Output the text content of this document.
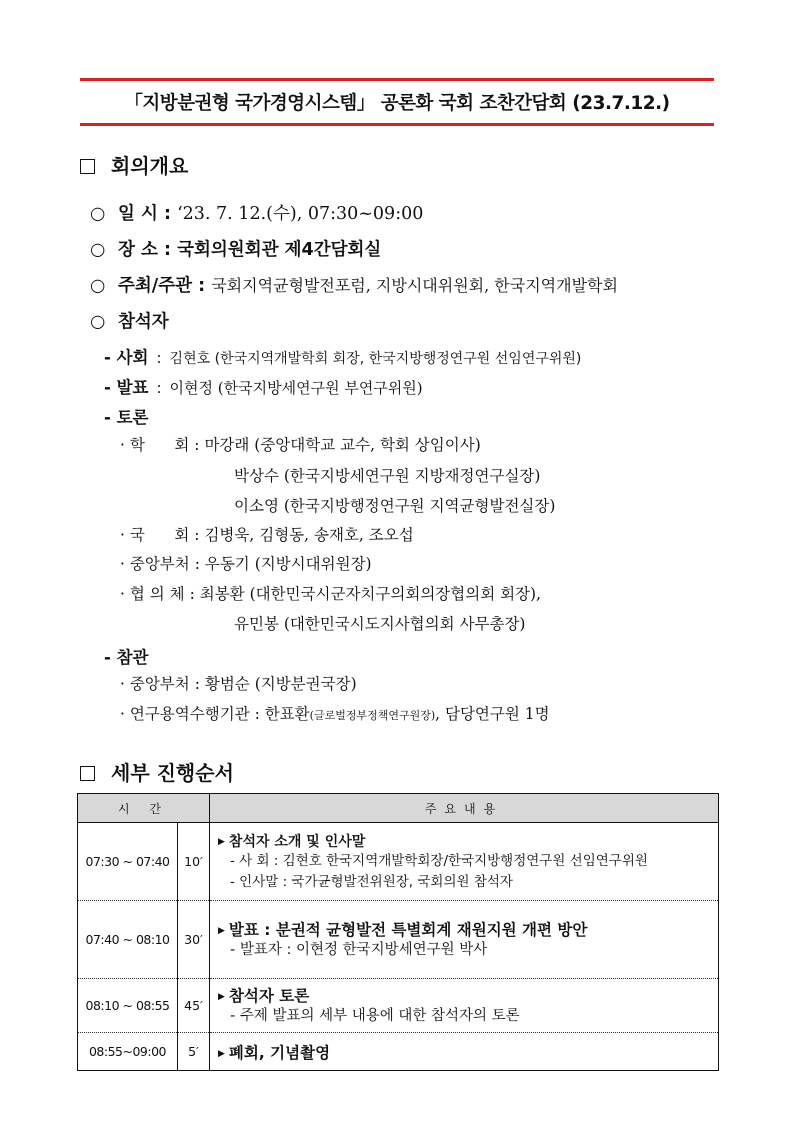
「지방분권형 국가경영시스템」 공론화 국회 조찬간담회 (23.7.12.)
회의개요
○ 일 시 : ‘23. 7. 12.(수), 07:30~09:00
○ 장 소 : 국회의원회관 제4간담회실
○ 주최/주관 : 국회지역균형발전포럼, 지방시대위원회, 한국지역개발학회
○ 참석자
- 사회 : 김현호 (한국지역개발학회 회장, 한국지방행정연구원 선임연구위원)
- 발표 : 이현정 (한국지방세연구원 부연구위원)
- 토론
· 학      회 : 마강래 (중앙대학교 교수, 학회 상임이사)
박상수 (한국지방세연구원 지방재정연구실장)
이소영 (한국지방행정연구원 지역균형발전실장)
· 국      회 : 김병욱, 김형동, 송재호, 조오섭
· 중앙부처 : 우동기 (지방시대위원장)
· 협 의 체 : 최봉환 (대한민국시군자치구의회의장협의회 회장),
유민봉 (대한민국시도지사협의회 사무총장)
- 참관
· 중앙부처 : 황범순 (지방분권국장)
· 연구용역수행기관 : 한표환(글로벌정부정책연구원장), 담당연구원 1명
세부 진행순서
시 간		주요내용
07:30 ~ 07:40	10′	▶ 참석자 소개 및 인사말
- 사 회 : 김현호 한국지역개발학회장/한국지방행정연구원 선임연구위원
- 인사말 : 국가균형발전위원장, 국회의원 참석자

07:40 ~ 08:10	30′	▶ 발표 : 분권적 균형발전 특별회계 재원지원 개편 방안
- 발표자 : 이현정 한국지방세연구원 박사

08:10 ~ 08:55	45′	▶ 참석자 토론
- 주제 발표의 세부 내용에 대한 참석자의 토론

08:55~09:00	5′	▶ 폐회, 기념촬영
